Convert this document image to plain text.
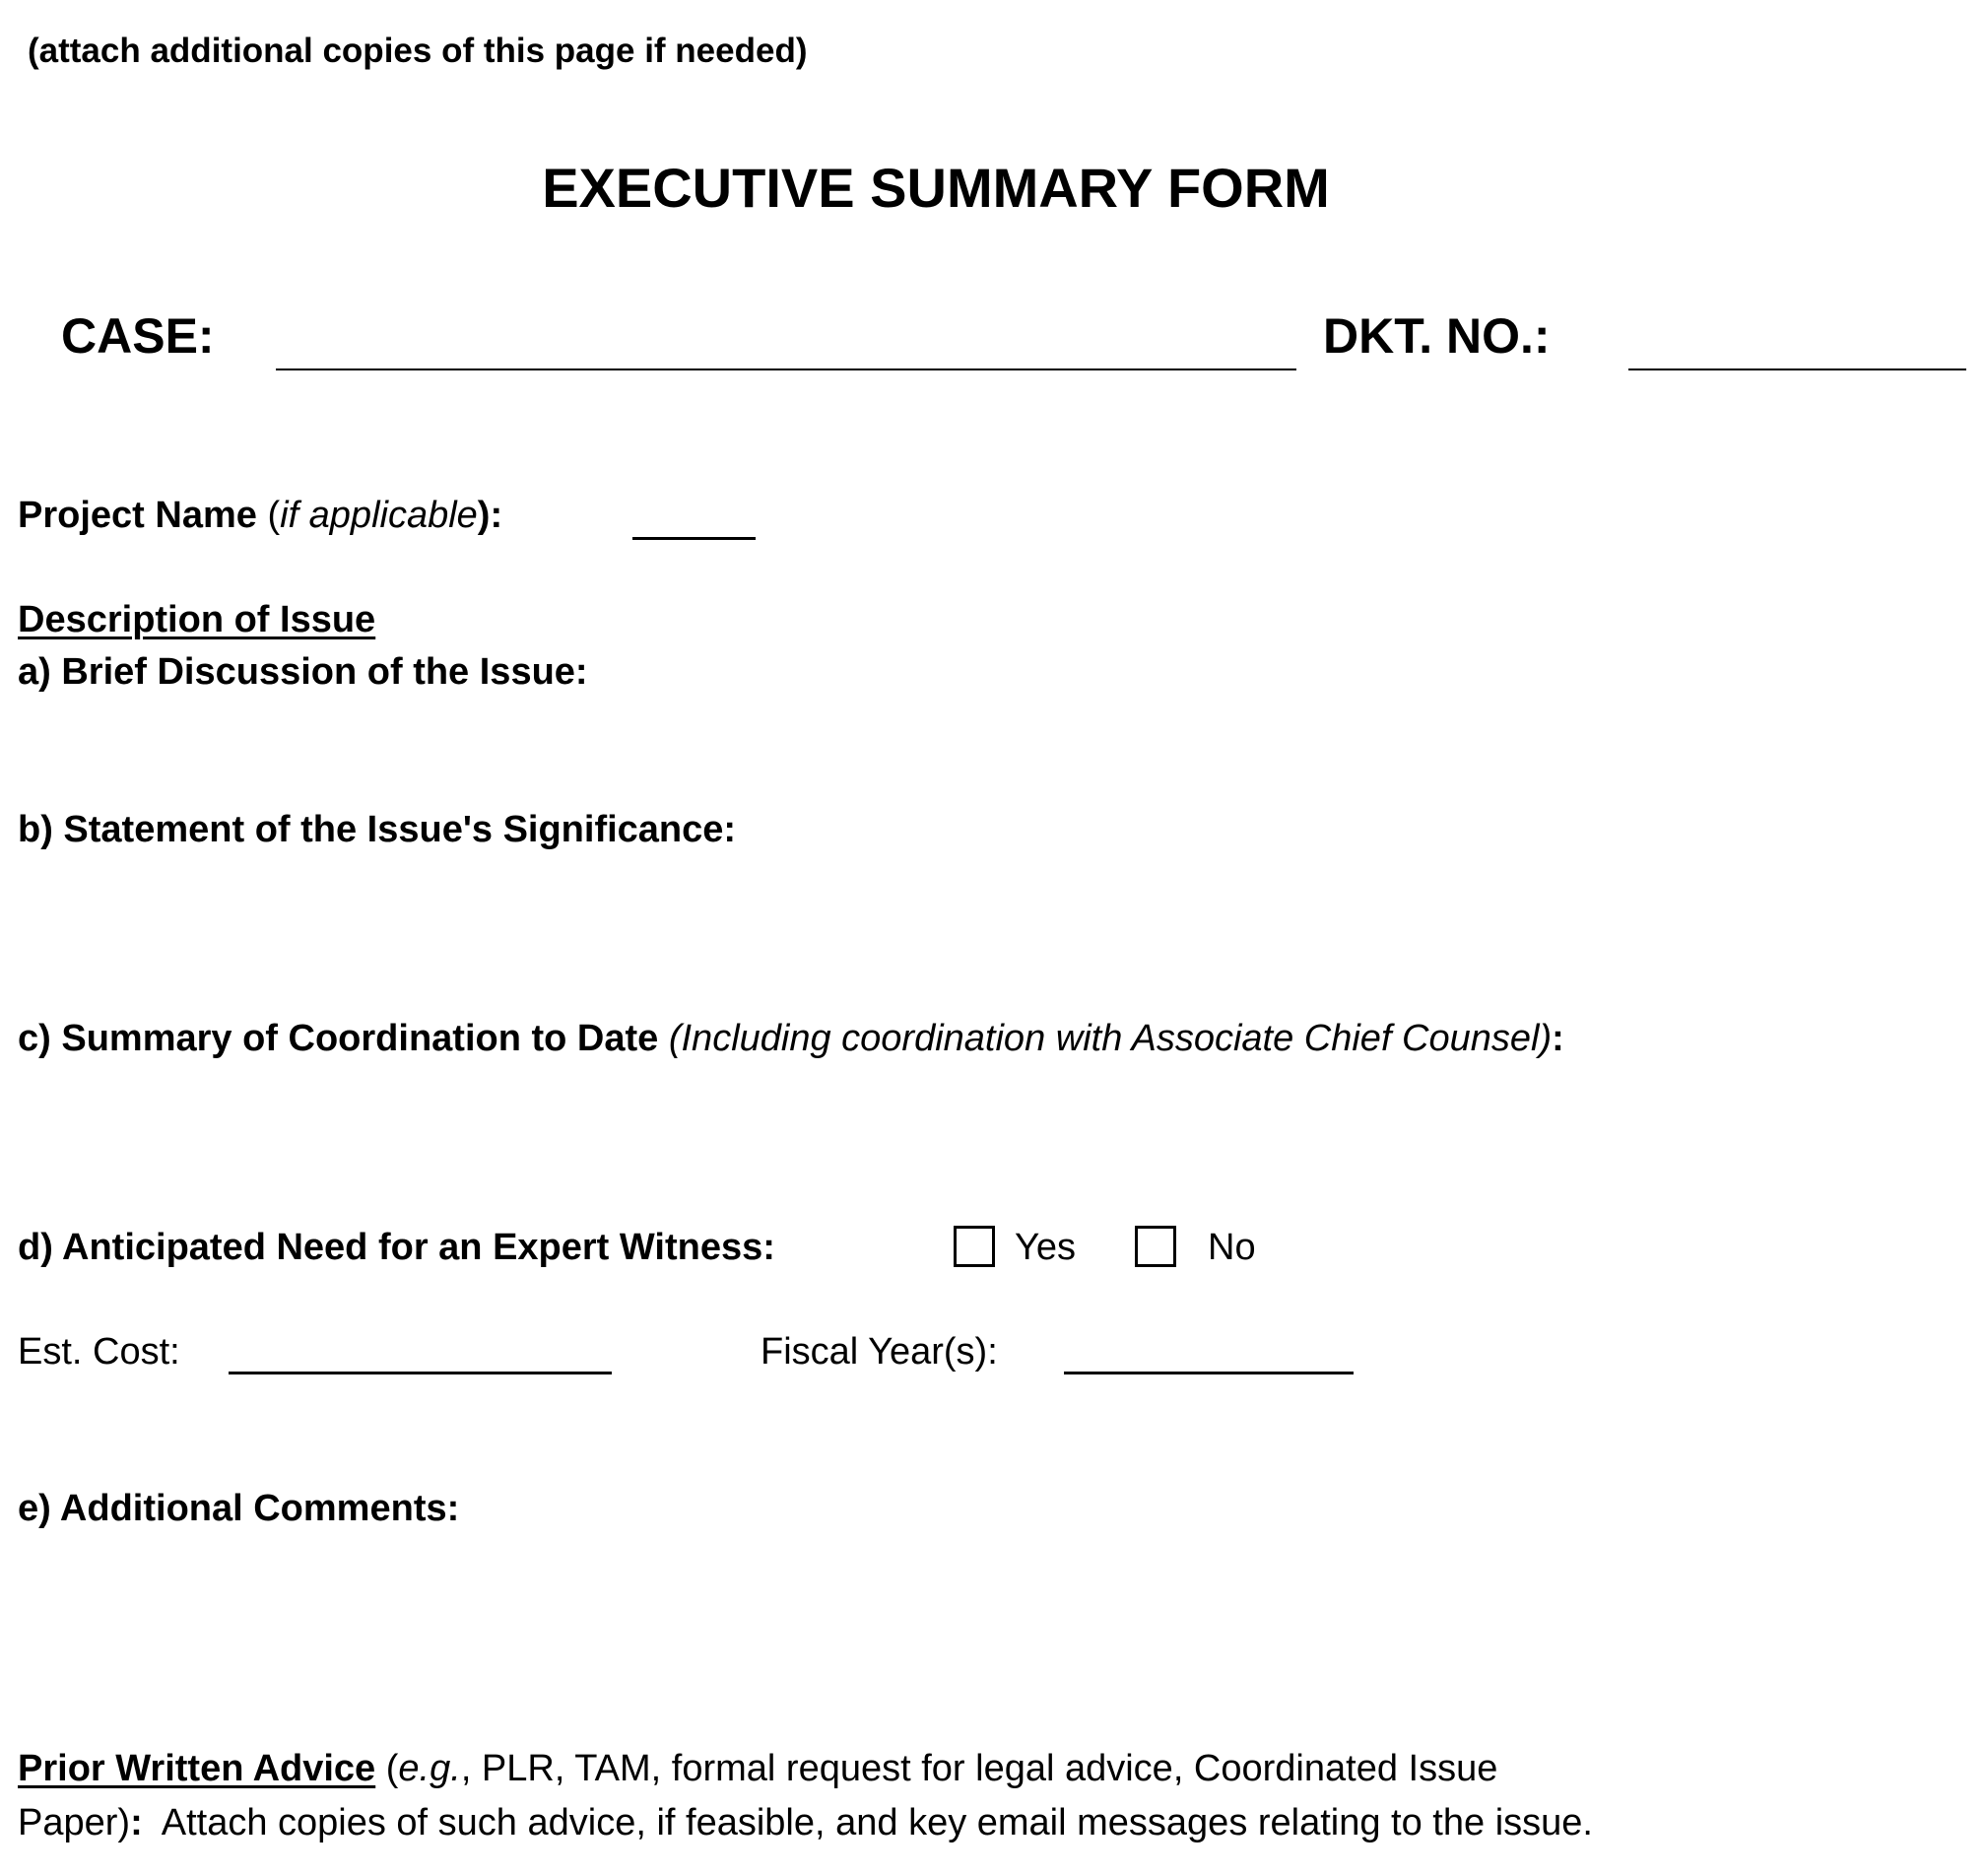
(attach additional copies of this page if needed)
EXECUTIVE SUMMARY FORM
CASE:	DKT. NO.:
Project Name (if applicable):
Description of Issue
a) Brief Discussion of the Issue:
b) Statement of the Issue's Significance:
c) Summary of Coordination to Date (Including coordination with Associate Chief Counsel):
d) Anticipated Need for an Expert Witness:	Yes	No
Est. Cost:	Fiscal Year(s):
e) Additional Comments:
Prior Written Advice (e.g., PLR, TAM, formal request for legal advice, Coordinated Issue
Paper):  Attach copies of such advice, if feasible, and key email messages relating to the issue.
